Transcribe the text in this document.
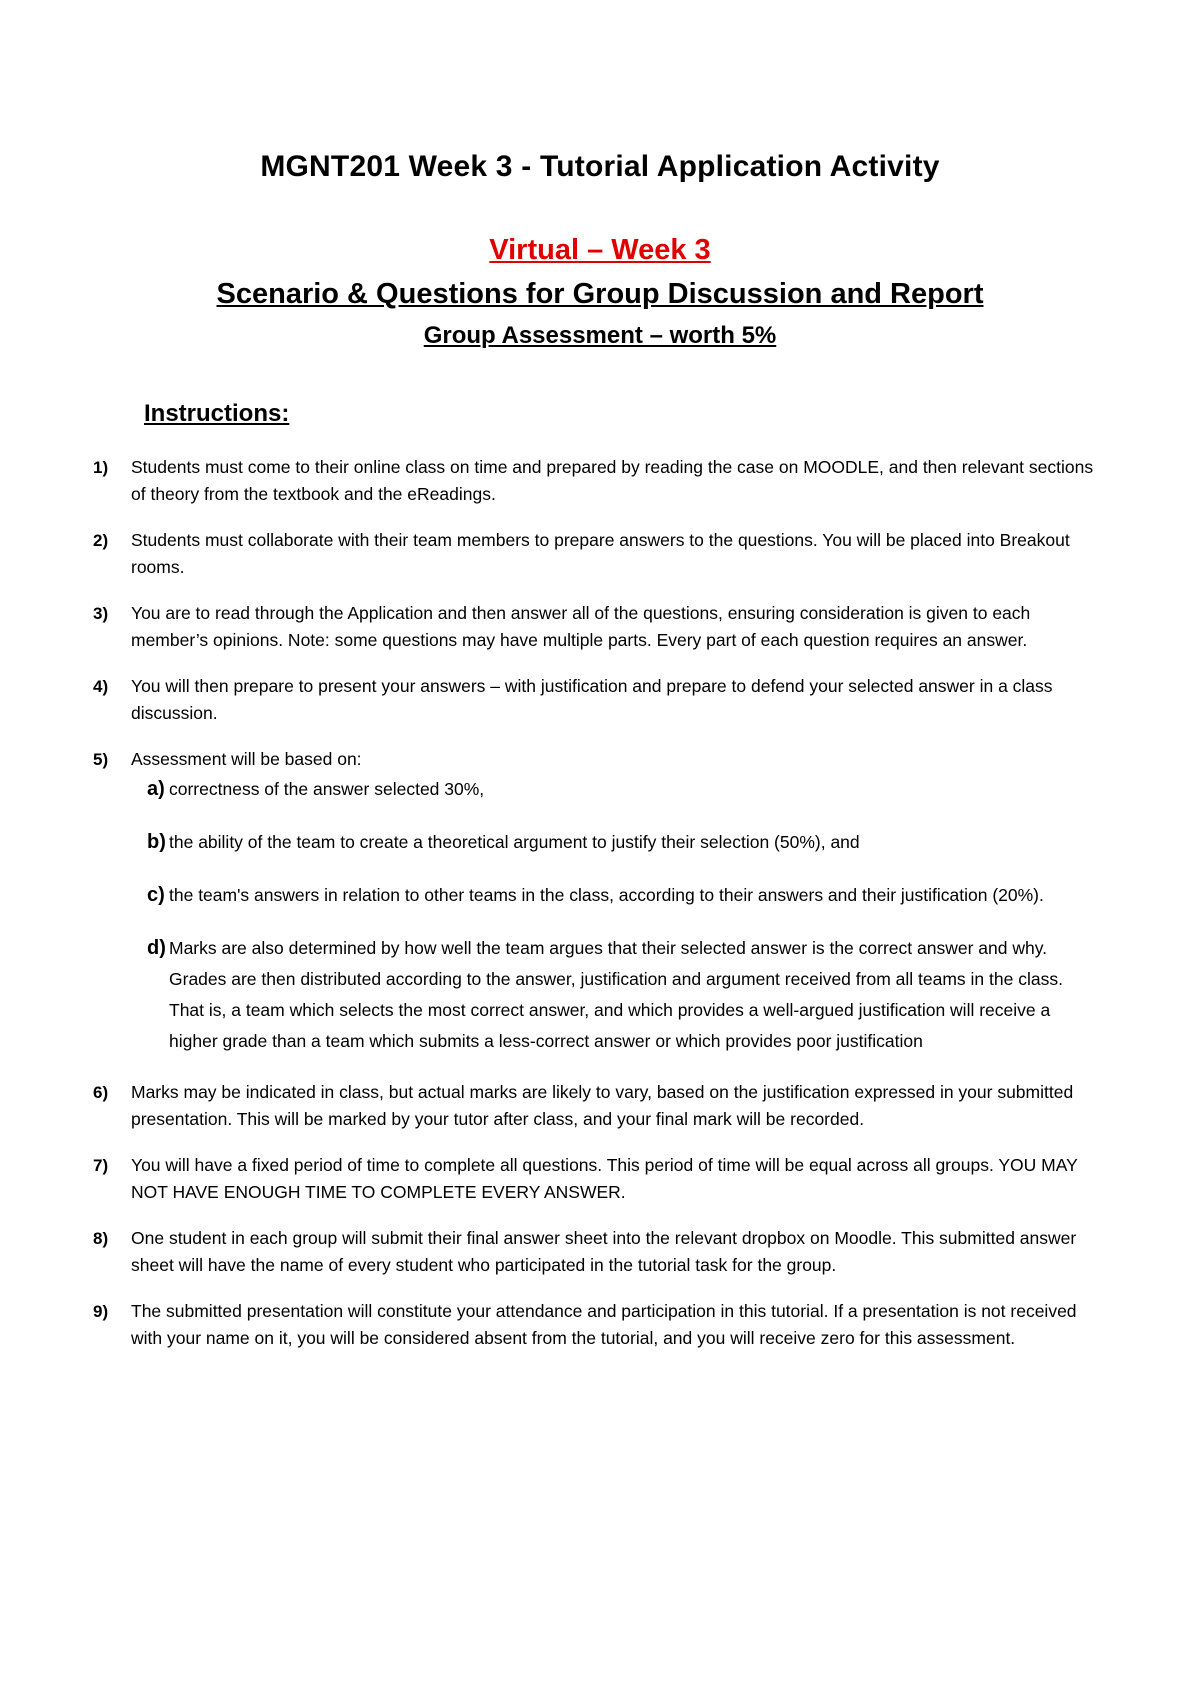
MGNT201 Week 3 - Tutorial Application Activity
Virtual – Week 3
Scenario & Questions for Group Discussion and Report
Group Assessment – worth 5%
Instructions:
1) Students must come to their online class on time and prepared by reading the case on MOODLE, and then relevant sections of theory from the textbook and the eReadings.
2) Students must collaborate with their team members to prepare answers to the questions. You will be placed into Breakout rooms.
3) You are to read through the Application and then answer all of the questions, ensuring consideration is given to each member’s opinions. Note: some questions may have multiple parts. Every part of each question requires an answer.
4) You will then prepare to present your answers – with justification and prepare to defend your selected answer in a class discussion.
5) Assessment will be based on:
a) correctness of the answer selected 30%,
b) the ability of the team to create a theoretical argument to justify their selection (50%), and
c) the team's answers in relation to other teams in the class, according to their answers and their justification (20%).
d) Marks are also determined by how well the team argues that their selected answer is the correct answer and why. Grades are then distributed according to the answer, justification and argument received from all teams in the class. That is, a team which selects the most correct answer, and which provides a well-argued justification will receive a higher grade than a team which submits a less-correct answer or which provides poor justification
6) Marks may be indicated in class, but actual marks are likely to vary, based on the justification expressed in your submitted presentation. This will be marked by your tutor after class, and your final mark will be recorded.
7) You will have a fixed period of time to complete all questions. This period of time will be equal across all groups. YOU MAY NOT HAVE ENOUGH TIME TO COMPLETE EVERY ANSWER.
8) One student in each group will submit their final answer sheet into the relevant dropbox on Moodle. This submitted answer sheet will have the name of every student who participated in the tutorial task for the group.
9) The submitted presentation will constitute your attendance and participation in this tutorial. If a presentation is not received with your name on it, you will be considered absent from the tutorial, and you will receive zero for this assessment.
